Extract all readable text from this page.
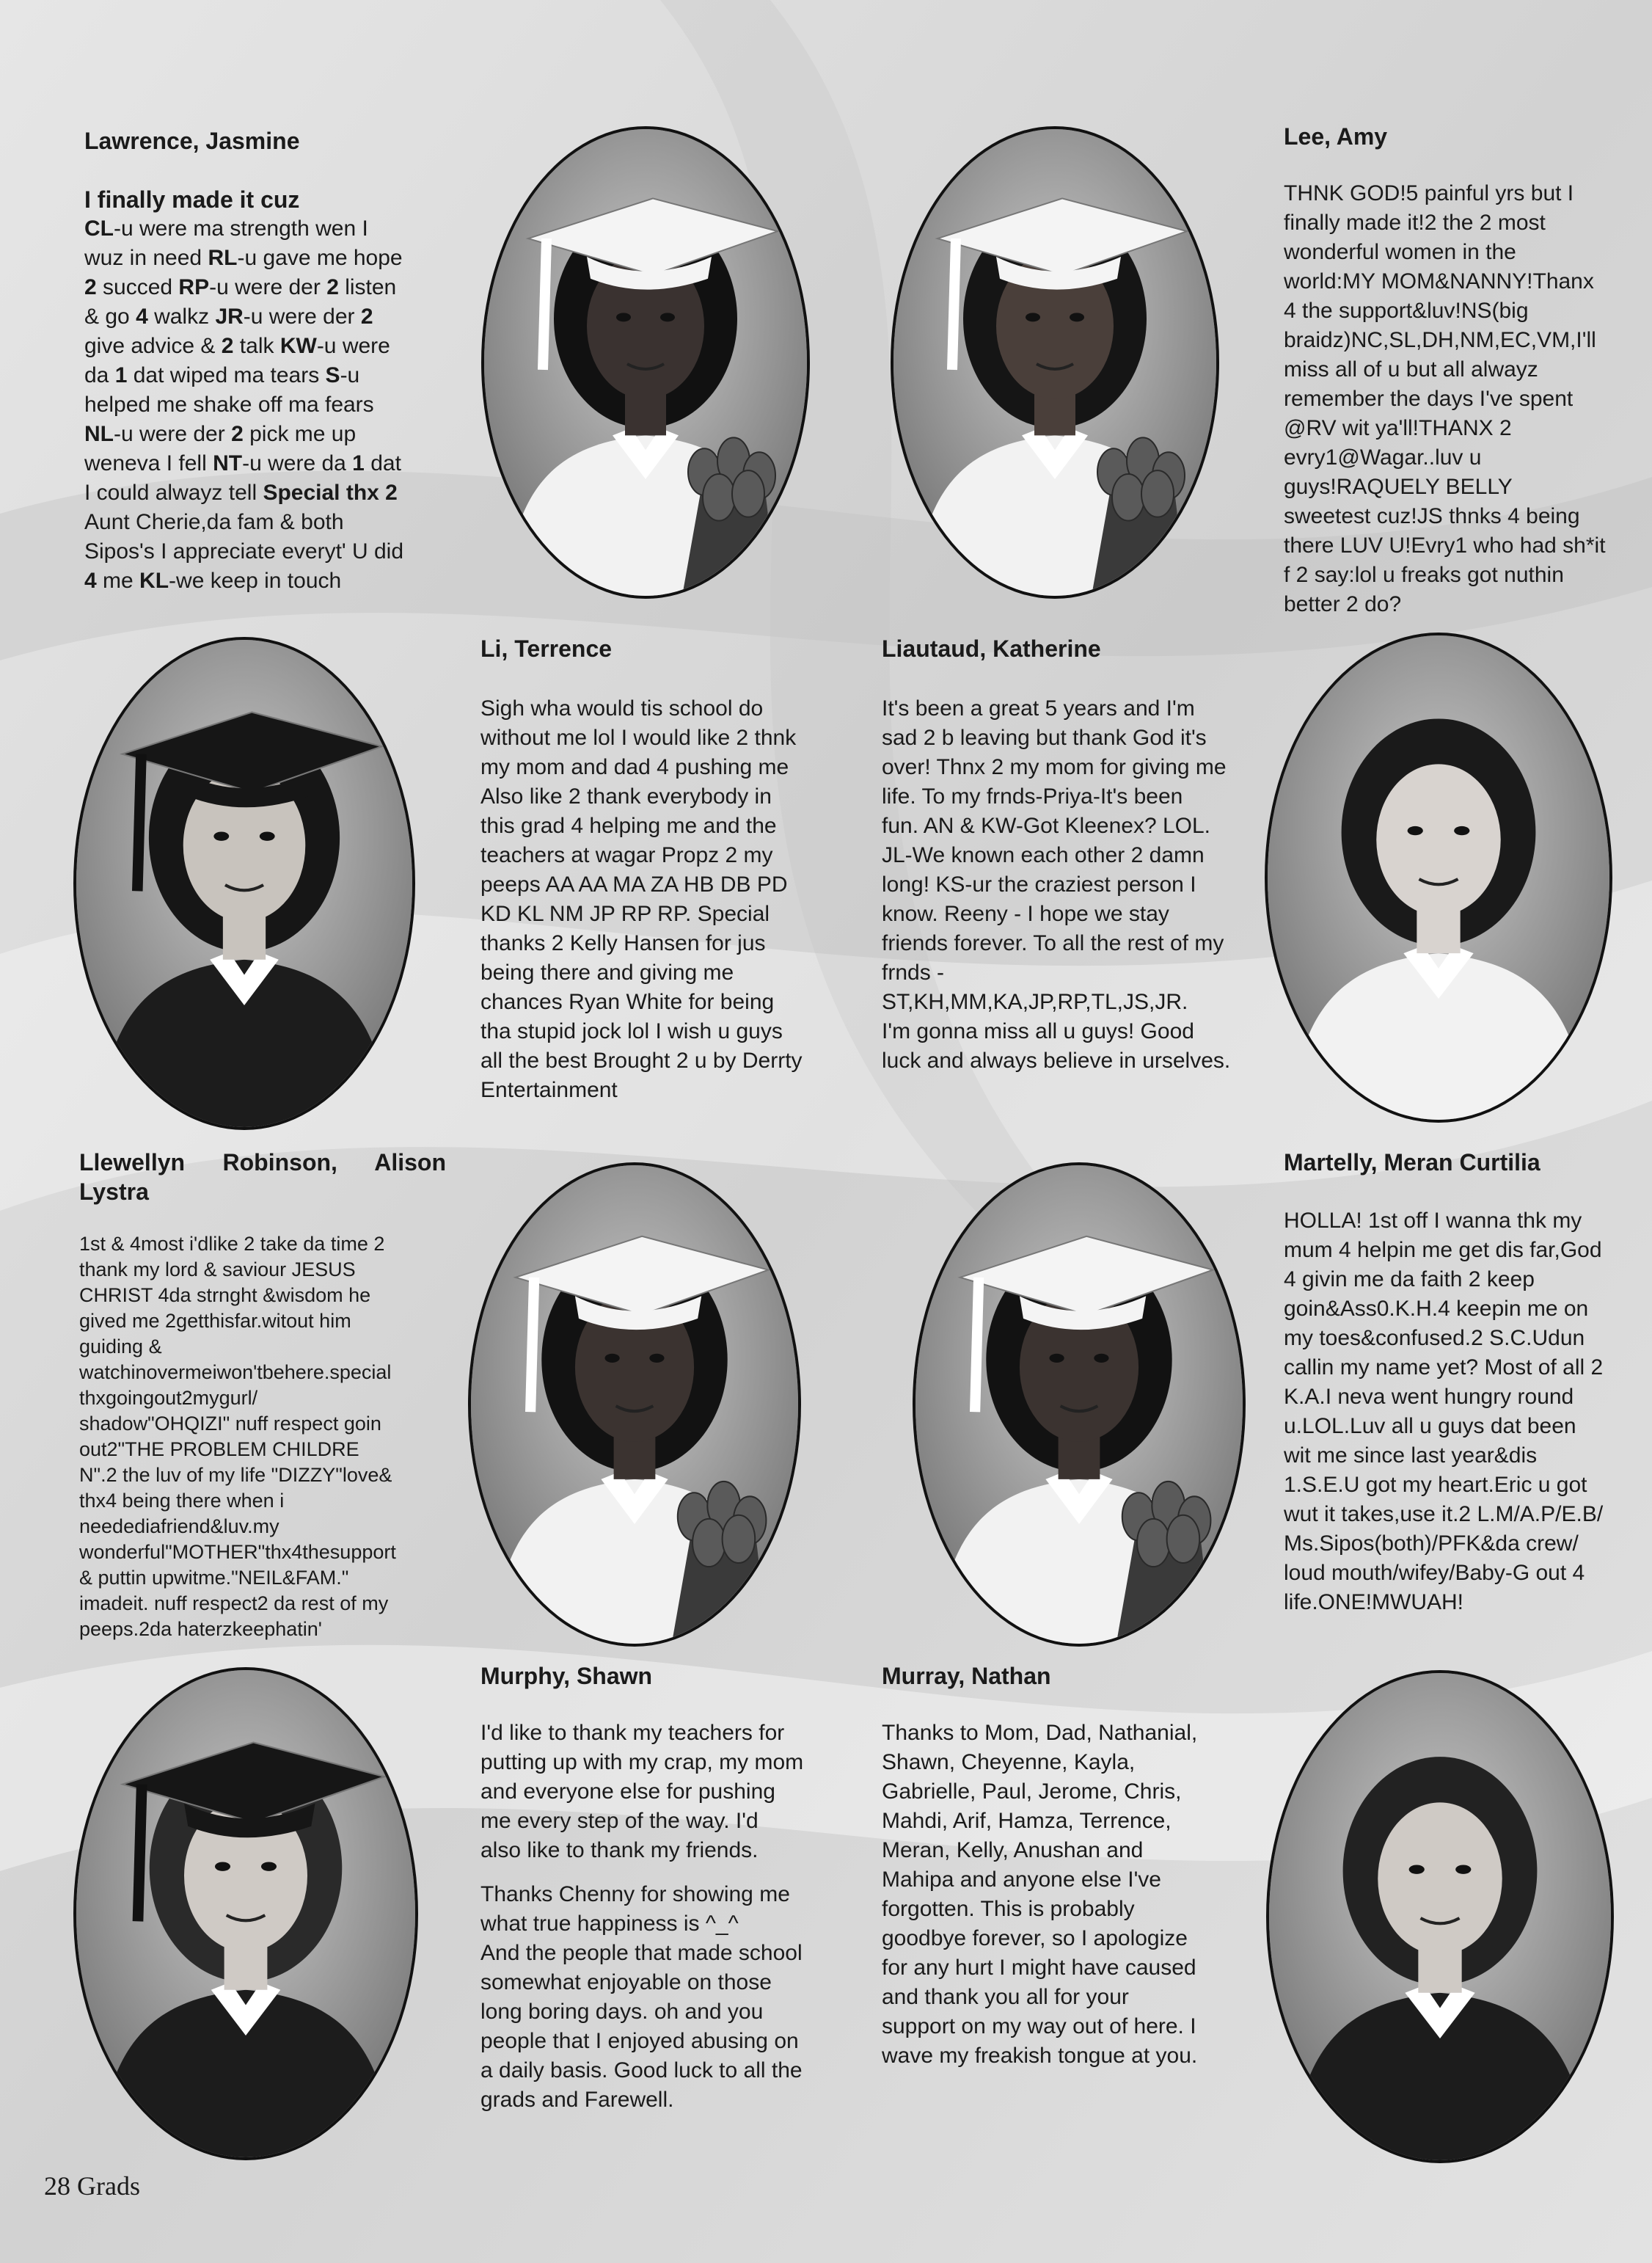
Lawrence, Jasmine
I finally made it cuz
CL-u were ma strength wen I
wuz in need RL-u gave me hope
2 succed RP-u were der 2 listen
& go 4 walkz JR-u were der 2
give advice & 2 talk KW-u were
da 1 dat wiped ma tears S-u
helped me shake off ma fears
NL-u were der 2 pick me up
weneva I fell NT-u were da 1 dat
I could alwayz tell Special thx 2
Aunt Cherie,da fam & both
Sipos's I appreciate everyt' U did
4 me KL-we keep in touch
Lee, Amy
THNK GOD!5 painful yrs but I
finally made it!2 the 2 most
wonderful women in the
world:MY MOM&NANNY!Thanx
4 the support&luv!NS(big
braidz)NC,SL,DH,NM,EC,VM,I'll
miss all of u but all alwayz
remember the days I've spent
@RV wit ya'll!THANX 2
evry1@Wagar..luv u
guys!RAQUELY BELLY
sweetest cuz!JS thnks 4 being
there LUV U!Evry1 who had sh*it
f 2 say:lol u freaks got nuthin
better 2 do?
Li, Terrence
Sigh wha would tis school do
without me lol I would like 2 thnk
my mom and dad 4 pushing me
Also like 2 thank everybody in
this grad 4 helping me and the
teachers at wagar Propz 2 my
peeps AA AA MA ZA HB DB PD
KD KL NM JP RP RP. Special
thanks 2 Kelly Hansen for jus
being there and giving me
chances Ryan White for being
tha stupid jock lol I wish u guys
all the best Brought 2 u by Derrty
Entertainment
Liautaud, Katherine
It's been a great 5 years and I'm
sad 2 b leaving but thank God it's
over! Thnx 2 my mom for giving me
life. To my frnds-Priya-It's been
fun. AN & KW-Got Kleenex? LOL.
JL-We known each other 2 damn
long! KS-ur the craziest person I
know. Reeny - I hope we stay
friends forever. To all the rest of my
frnds -
ST,KH,MM,KA,JP,RP,TL,JS,JR.
I'm gonna miss all u guys! Good
luck and always believe in urselves.
Llewellyn Robinson, Alison Lystra
1st & 4most i'dlike 2 take da time 2
thank my lord & saviour JESUS
CHRIST 4da strnght &wisdom he
gived me 2getthisfar.witout him
guiding &
watchinovermeiwon'tbehere.special
thxgoingout2mygurl/
shadow"OHQIZI" nuff respect goin
out2"THE PROBLEM CHILDRE
N".2 the luv of my life "DIZZY"love&
thx4 being there when i
needediafriend&luv.my
wonderful"MOTHER"thx4thesupport
& puttin upwitme."NEIL&FAM."
imadeit. nuff respect2 da rest of my
peeps.2da haterzkeephatin'
Martelly, Meran Curtilia
HOLLA! 1st off I wanna thk my
mum 4 helpin me get dis far,God
4 givin me da faith 2 keep
goin&Ass0.K.H.4 keepin me on
my toes&confused.2 S.C.Udun
callin my name yet? Most of all 2
K.A.I neva went hungry round
u.LOL.Luv all u guys dat been
wit me since last year&dis
1.S.E.U got my heart.Eric u got
wut it takes,use it.2 L.M/A.P/E.B/
Ms.Sipos(both)/PFK&da crew/
loud mouth/wifey/Baby-G out 4
life.ONE!MWUAH!
Murphy, Shawn
I'd like to thank my teachers for
putting up with my crap, my mom
and everyone else for pushing
me every step of the way. I'd
also like to thank my friends.
Thanks Chenny for showing me
what true happiness is ^_^
And the people that made school
somewhat enjoyable on those
long boring days. oh and you
people that I enjoyed abusing on
a daily basis. Good luck to all the
grads and Farewell.
Murray, Nathan
Thanks to Mom, Dad, Nathanial,
Shawn, Cheyenne, Kayla,
Gabrielle, Paul, Jerome, Chris,
Mahdi, Arif, Hamza, Terrence,
Meran, Kelly, Anushan and
Mahipa and anyone else I've
forgotten. This is probably
goodbye forever, so I apologize
for any hurt I might have caused
and thank you all for your
support on my way out of here. I
wave my freakish tongue at you.
28 Grads
